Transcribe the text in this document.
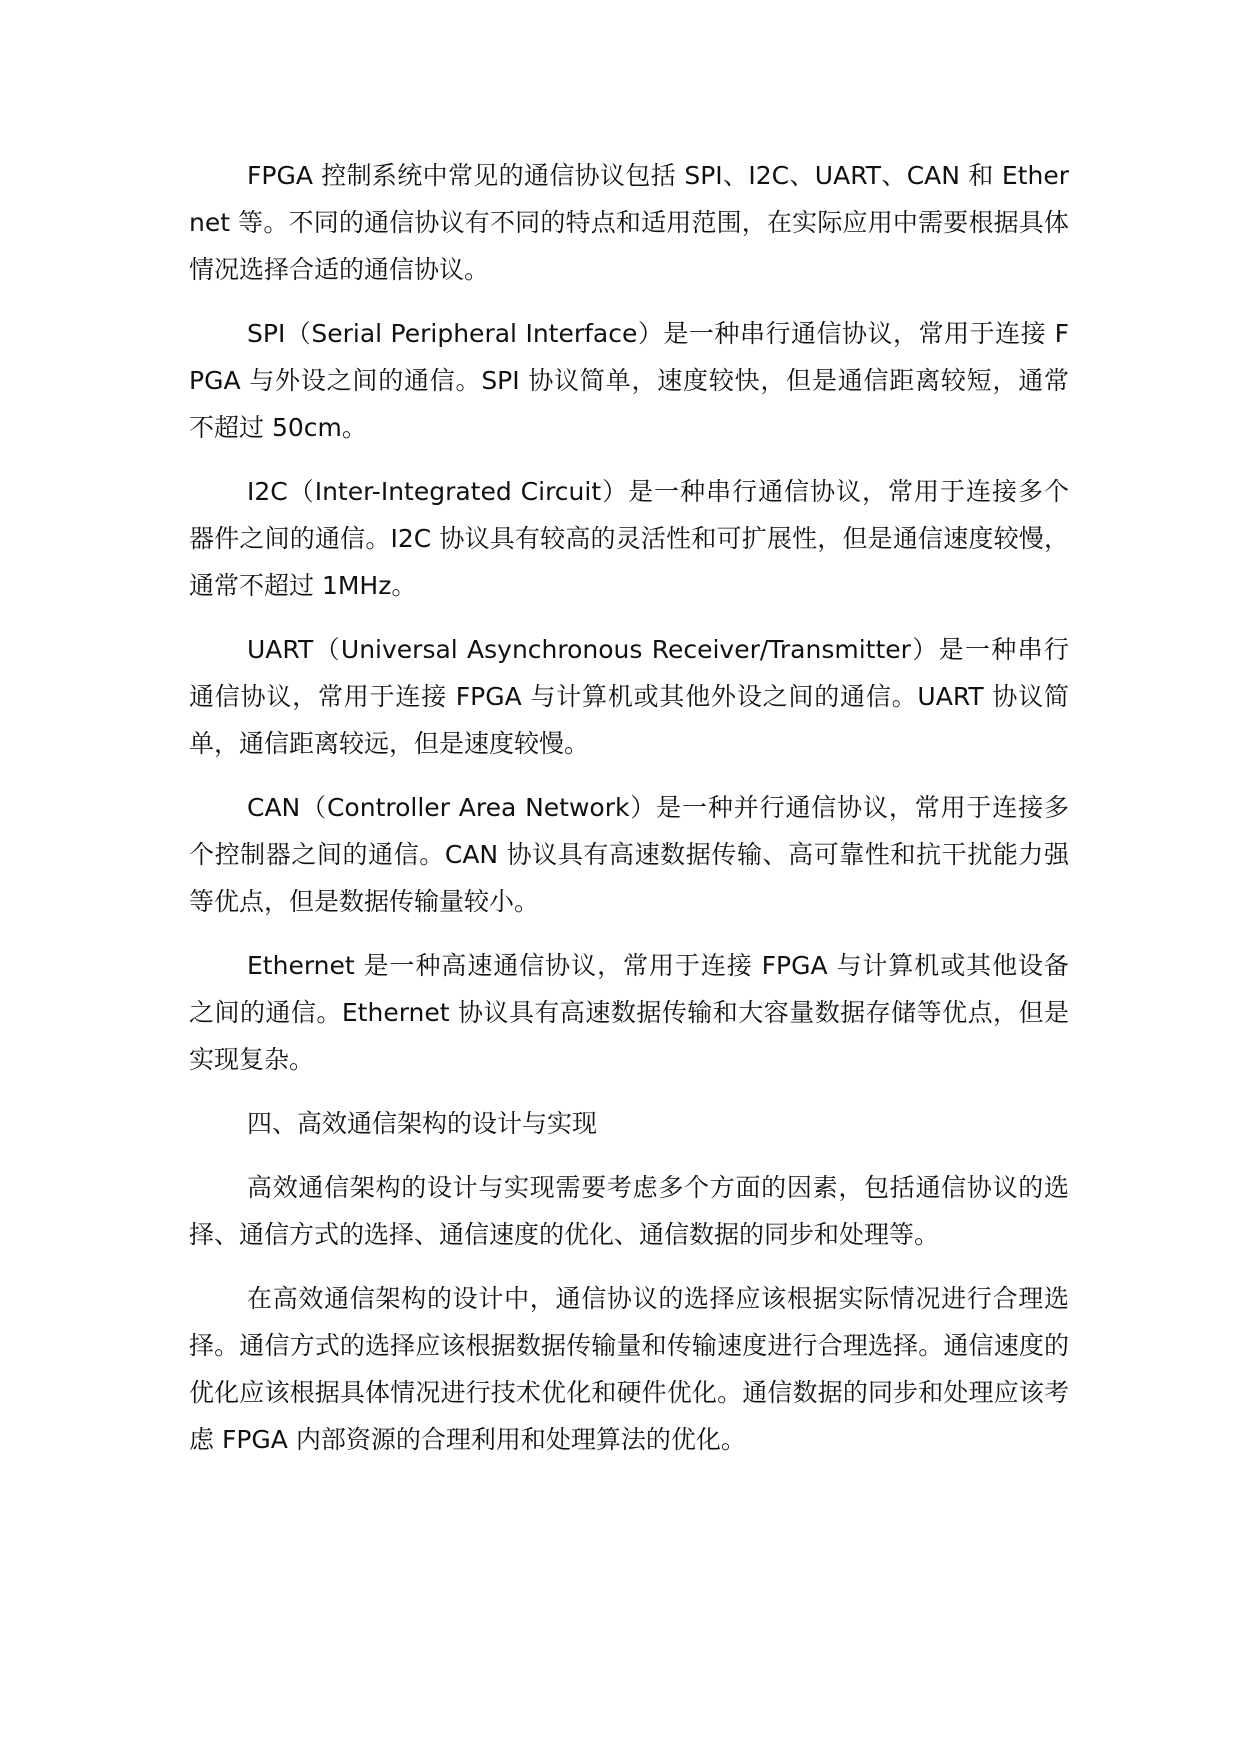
FPGA 控制系统中常见的通信协议包括 SPI、I2C、UART、CAN 和 Ethernet 等。不同的通信协议有不同的特点和适用范围，在实际应用中需要根据具体情况选择合适的通信协议。

SPI（Serial Peripheral Interface）是一种串行通信协议，常用于连接 FPGA 与外设之间的通信。SPI 协议简单，速度较快，但是通信距离较短，通常不超过 50cm。

I2C（Inter-Integrated Circuit）是一种串行通信协议，常用于连接多个器件之间的通信。I2C 协议具有较高的灵活性和可扩展性，但是通信速度较慢，通常不超过 1MHz。

UART（Universal Asynchronous Receiver/Transmitter）是一种串行通信协议，常用于连接 FPGA 与计算机或其他外设之间的通信。UART 协议简单，通信距离较远，但是速度较慢。

CAN（Controller Area Network）是一种并行通信协议，常用于连接多个控制器之间的通信。CAN 协议具有高速数据传输、高可靠性和抗干扰能力强等优点，但是数据传输量较小。

Ethernet 是一种高速通信协议，常用于连接 FPGA 与计算机或其他设备之间的通信。Ethernet 协议具有高速数据传输和大容量数据存储等优点，但是实现复杂。

四、高效通信架构的设计与实现

高效通信架构的设计与实现需要考虑多个方面的因素，包括通信协议的选择、通信方式的选择、通信速度的优化、通信数据的同步和处理等。

在高效通信架构的设计中，通信协议的选择应该根据实际情况进行合理选择。通信方式的选择应该根据数据传输量和传输速度进行合理选择。通信速度的优化应该根据具体情况进行技术优化和硬件优化。通信数据的同步和处理应该考虑 FPGA 内部资源的合理利用和处理算法的优化。
